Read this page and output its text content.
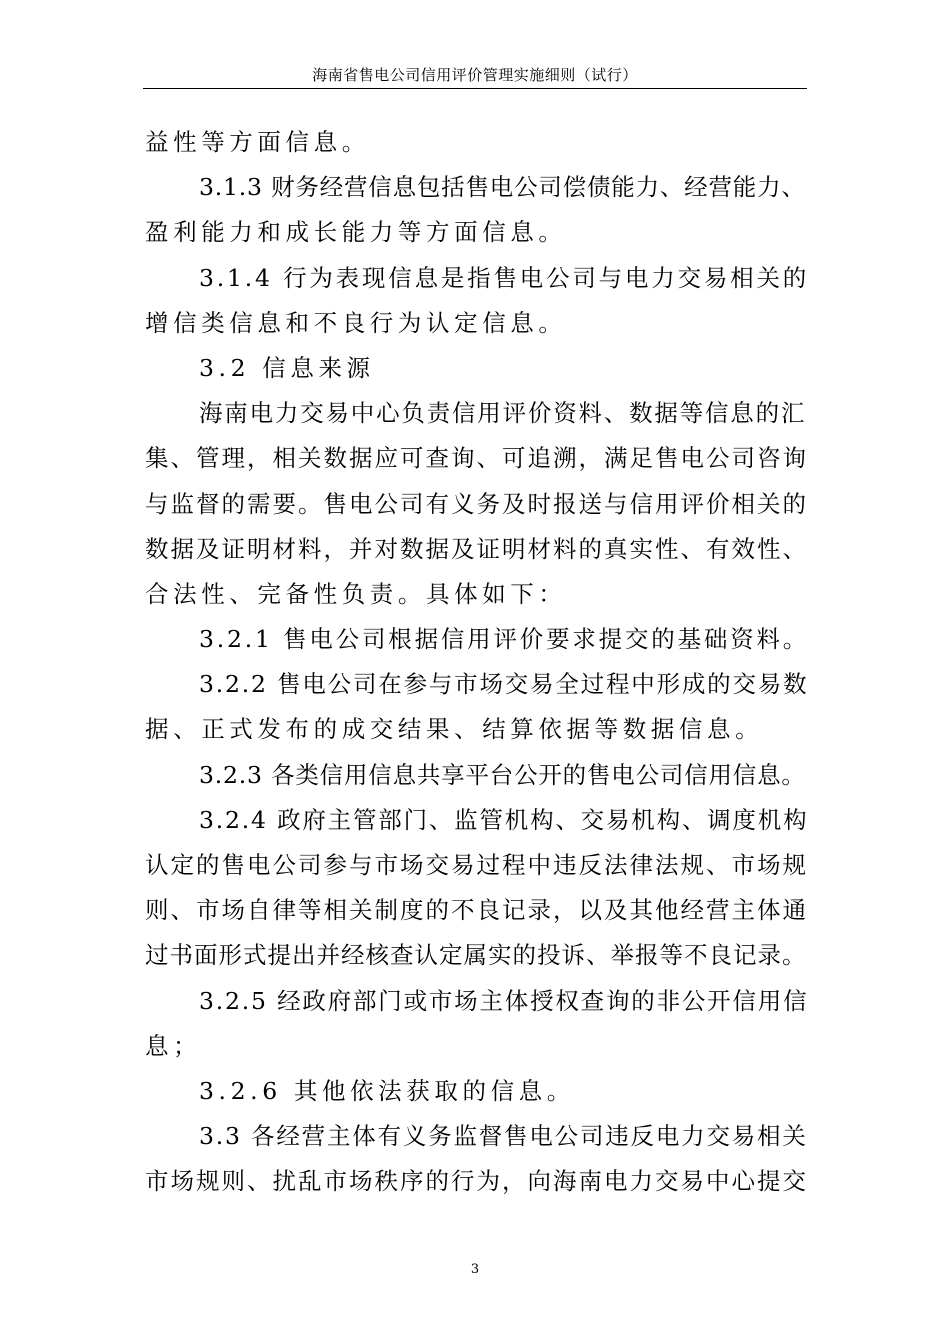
海南省售电公司信用评价管理实施细则（试行）
益性等方面信息。
3.1.3 财务经营信息包括售电公司偿债能力、经营能力、
盈利能力和成长能力等方面信息。
3.1.4 行为表现信息是指售电公司与电力交易相关的
增信类信息和不良行为认定信息。
3.2 信息来源
海南电力交易中心负责信用评价资料、数据等信息的汇
集、管理，相关数据应可查询、可追溯，满足售电公司咨询
与监督的需要。售电公司有义务及时报送与信用评价相关的
数据及证明材料，并对数据及证明材料的真实性、有效性、
合法性、完备性负责。具体如下：
3.2.1 售电公司根据信用评价要求提交的基础资料。
3.2.2 售电公司在参与市场交易全过程中形成的交易数
据、正式发布的成交结果、结算依据等数据信息。
3.2.3 各类信用信息共享平台公开的售电公司信用信息。
3.2.4 政府主管部门、监管机构、交易机构、调度机构
认定的售电公司参与市场交易过程中违反法律法规、市场规
则、市场自律等相关制度的不良记录，以及其他经营主体通
过书面形式提出并经核查认定属实的投诉、举报等不良记录。
3.2.5 经政府部门或市场主体授权查询的非公开信用信
息；
3.2.6 其他依法获取的信息。
3.3 各经营主体有义务监督售电公司违反电力交易相关
市场规则、扰乱市场秩序的行为，向海南电力交易中心提交
3
